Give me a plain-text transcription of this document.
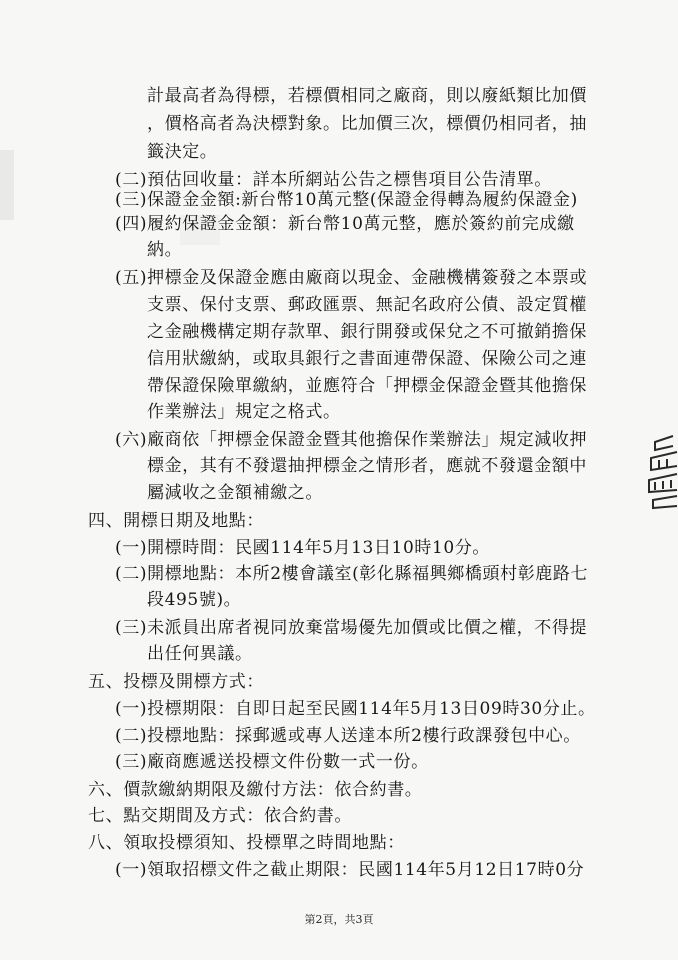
計最高者為得標，若標價相同之廠商，則以廢紙類比加價
，價格高者為決標對象。比加價三次，標價仍相同者，抽
籤決定。
(二)預估回收量：詳本所網站公告之標售項目公告清單。
(三)保證金金額:新台幣10萬元整(保證金得轉為履約保證金)
(四)履約保證金金額：新台幣10萬元整，應於簽約前完成繳
納。
(五)押標金及保證金應由廠商以現金、金融機構簽發之本票或
支票、保付支票、郵政匯票、無記名政府公債、設定質權
之金融機構定期存款單、銀行開發或保兌之不可撤銷擔保
信用狀繳納，或取具銀行之書面連帶保證、保險公司之連
帶保證保險單繳納，並應符合「押標金保證金暨其他擔保
作業辦法」規定之格式。
(六)廠商依「押標金保證金暨其他擔保作業辦法」規定減收押
標金，其有不發還抽押標金之情形者，應就不發還金額中
屬減收之金額補繳之。
四、開標日期及地點：
(一)開標時間：民國114年5月13日10時10分。
(二)開標地點：本所2樓會議室(彰化縣福興鄉橋頭村彰鹿路七
段495號)。
(三)未派員出席者視同放棄當場優先加價或比價之權，不得提
出任何異議。
五、投標及開標方式：
(一)投標期限：自即日起至民國114年5月13日09時30分止。
(二)投標地點：採郵遞或專人送達本所2樓行政課發包中心。
(三)廠商應遞送投標文件份數一式一份。
六、價款繳納期限及繳付方法：依合約書。
七、點交期間及方式：依合約書。
八、領取投標須知、投標單之時間地點：
(一)領取招標文件之截止期限：民國114年5月12日17時0分
第2頁，共3頁
